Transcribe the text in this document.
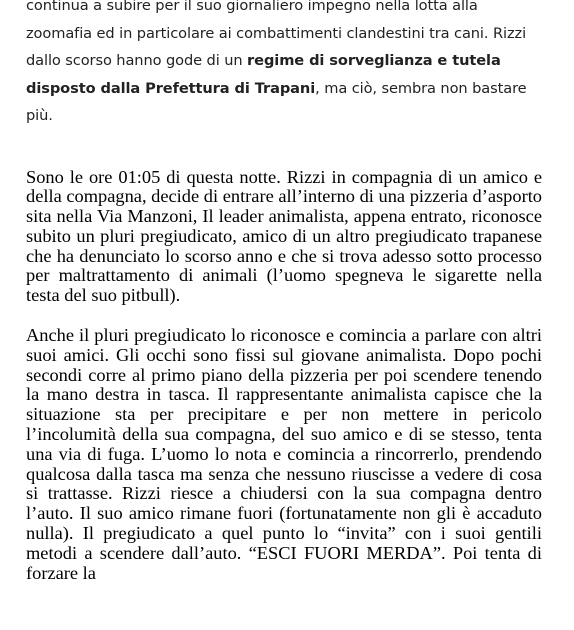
continua a subire per il suo giornaliero impegno nella lotta alla zoomafia ed in particolare ai combattimenti clandestini tra cani. Rizzi dallo scorso hanno gode di un regime di sorveglianza e tutela disposto dalla Prefettura di Trapani, ma ciò, sembra non bastare più.

Sono le ore 01:05 di questa notte. Rizzi in compagnia di un amico e della compagna, decide di entrare all’interno di una pizzeria d’asporto sita nella Via Manzoni, Il leader animalista, appena entrato, riconosce subito un pluri pregiudicato, amico di un altro pregiudicato trapanese che ha denunciato lo scorso anno e che si trova adesso sotto processo per maltrattamento di animali (l’uomo spegneva le sigarette nella testa del suo pitbull).

Anche il pluri pregiudicato lo riconosce e comincia a parlare con altri suoi amici. Gli occhi sono fissi sul giovane animalista. Dopo pochi secondi corre al primo piano della pizzeria per poi scendere tenendo la mano destra in tasca. Il rappresentante animalista capisce che la situazione sta per precipitare e per non mettere in pericolo l’incolumità della sua compagna, del suo amico e di se stesso, tenta una via di fuga. L’uomo lo nota e comincia a rincorrerlo, prendendo qualcosa dalla tasca ma senza che nessuno riuscisse a vedere di cosa si trattasse. Rizzi riesce a chiudersi con la sua compagna dentro l’auto. Il suo amico rimane fuori (fortunatamente non gli è accaduto nulla). Il pregiudicato a quel punto lo “invita” con i suoi gentili metodi a scendere dall’auto. “ESCI FUORI MERDA”. Poi tenta di forzare la
